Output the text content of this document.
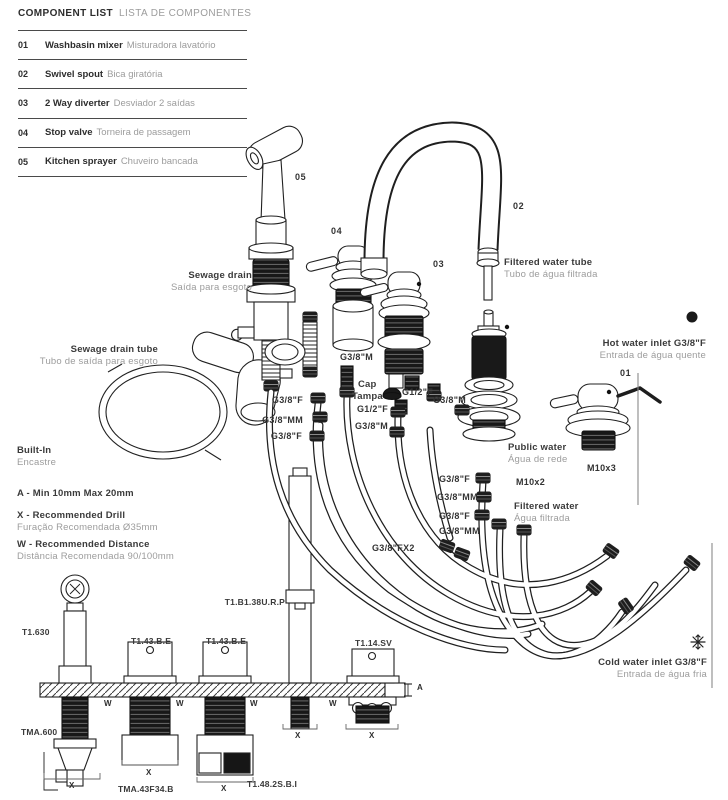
COMPONENT LIST LISTA DE COMPONENTES
01	Washbasin mixer Misturadora lavatório
02	Swivel spout Bica giratória
03	2 Way diverter Desviador 2 saídas
04	Stop valve Torneira de passagem
05	Kitchen sprayer Chuveiro bancada
05
04
03
02
01
Sewage drain
Saída para esgoto
Sewage drain tube
Tubo de saída para esgoto
Built-In
Encastre
A - Min 10mm Max 20mm
X - Recommended Drill
Furação Recomendada Ø35mm
W - Recommended Distance
Distância Recomendada 90/100mm
Filtered water tube
Tubo de água filtrada
Hot water inlet G3/8"F
Entrada de água quente
Cap
Tampa
G3/8"M
G1/2"F
G3/8"M
G1/2"F
G3/8"M
G3/8"F
G3/8"MM
G3/8"F
G3/8"F
G3/8"MM
G3/8"F
G3/8"MM
G3/8"FX2
M10x2
M10x3
Public water
Água de rede
Filtered water
Água filtrada
Cold water inlet G3/8"F
Entrada de água fria
T1.630
T1.43.B.E	T1.43.B.E
T1.B1.38U.R.P
T1.14.SV
TMA.600
TMA.43F34.B	T1.48.2S.B.I
W	W	W	W
X
X
X
X	X
A
